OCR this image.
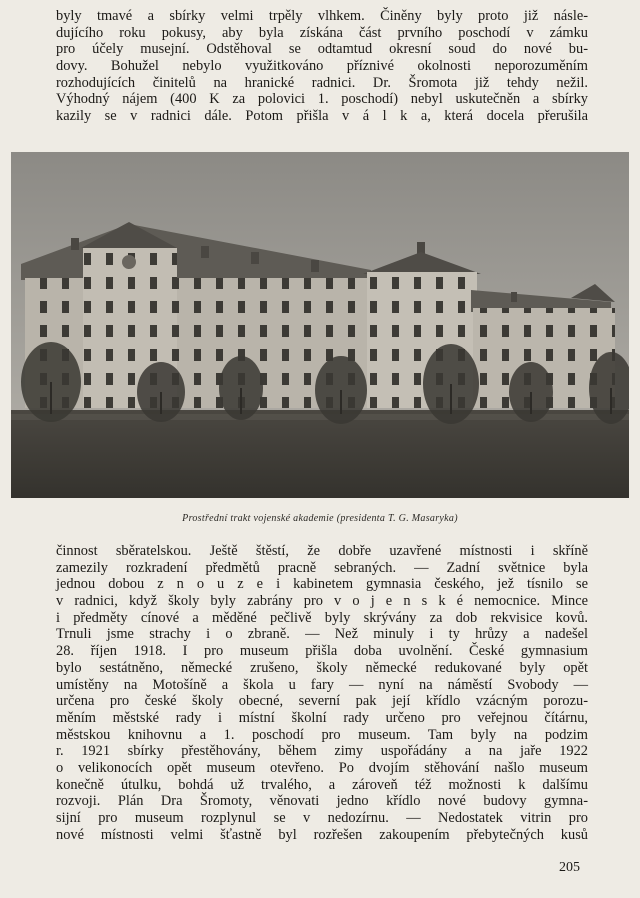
byly tmavé a sbírky velmi trpěly vlhkem. Činěny byly proto již násle-
dujícího roku pokusy, aby byla získána část prvního poschodí v zámku
pro účely musejní. Odstěhoval se odtamtud okresní soud do nové bu-
dovy. Bohužel nebylo využitkováno příznivé okolnosti neporozuměním
rozhodujících činitelů na hranické radnici. Dr. Šromota již tehdy nežil.
Výhodný nájem (400 K za polovici 1. poschodí) nebyl uskutečněn a sbírky
kazily se v radnici dále. Potom přišla v á l k a, která docela přerušila
Prostřední trakt vojenské akademie (presidenta T. G. Masaryka)
činnost sběratelskou. Ještě štěstí, že dobře uzavřené místnosti i skříně
zamezily rozkradení předmětů pracně sebraných. — Zadní světnice byla
jednou dobou z n o u z e i kabinetem gymnasia českého, jež tísnilo se
v radnici, když školy byly zabrány pro v o j e n s k é nemocnice. Mince
i předměty cínové a měděné pečlivě byly skrývány za dob rekvisice kovů.
Trnuli jsme strachy i o zbraně. — Než minuly i ty hrůzy a nadešel
28. říjen 1918. I pro museum přišla doba uvolnění. České gymnasium
bylo sestátněno, německé zrušeno, školy německé redukované byly opět
umístěny na Motošíně a škola u fary — nyní na náměstí Svobody —
určena pro české školy obecné, severní pak její křídlo vzácným porozu-
měním městské rady i místní školní rady určeno pro veřejnou čítárnu,
městskou knihovnu a 1. poschodí pro museum. Tam byly na podzim
r. 1921 sbírky přestěhovány, během zimy uspořádány a na jaře 1922
o velikonocích opět museum otevřeno. Po dvojím stěhování našlo museum
konečně útulku, bohdá už trvalého, a zároveň též možnosti k dalšímu
rozvoji. Plán Dra Šromoty, věnovati jedno křídlo nové budovy gymna-
sijní pro museum rozplynul se v nedozírnu. — Nedostatek vitrin pro
nové místnosti velmi šťastně byl rozřešen zakoupením přebytečných kusů
205
